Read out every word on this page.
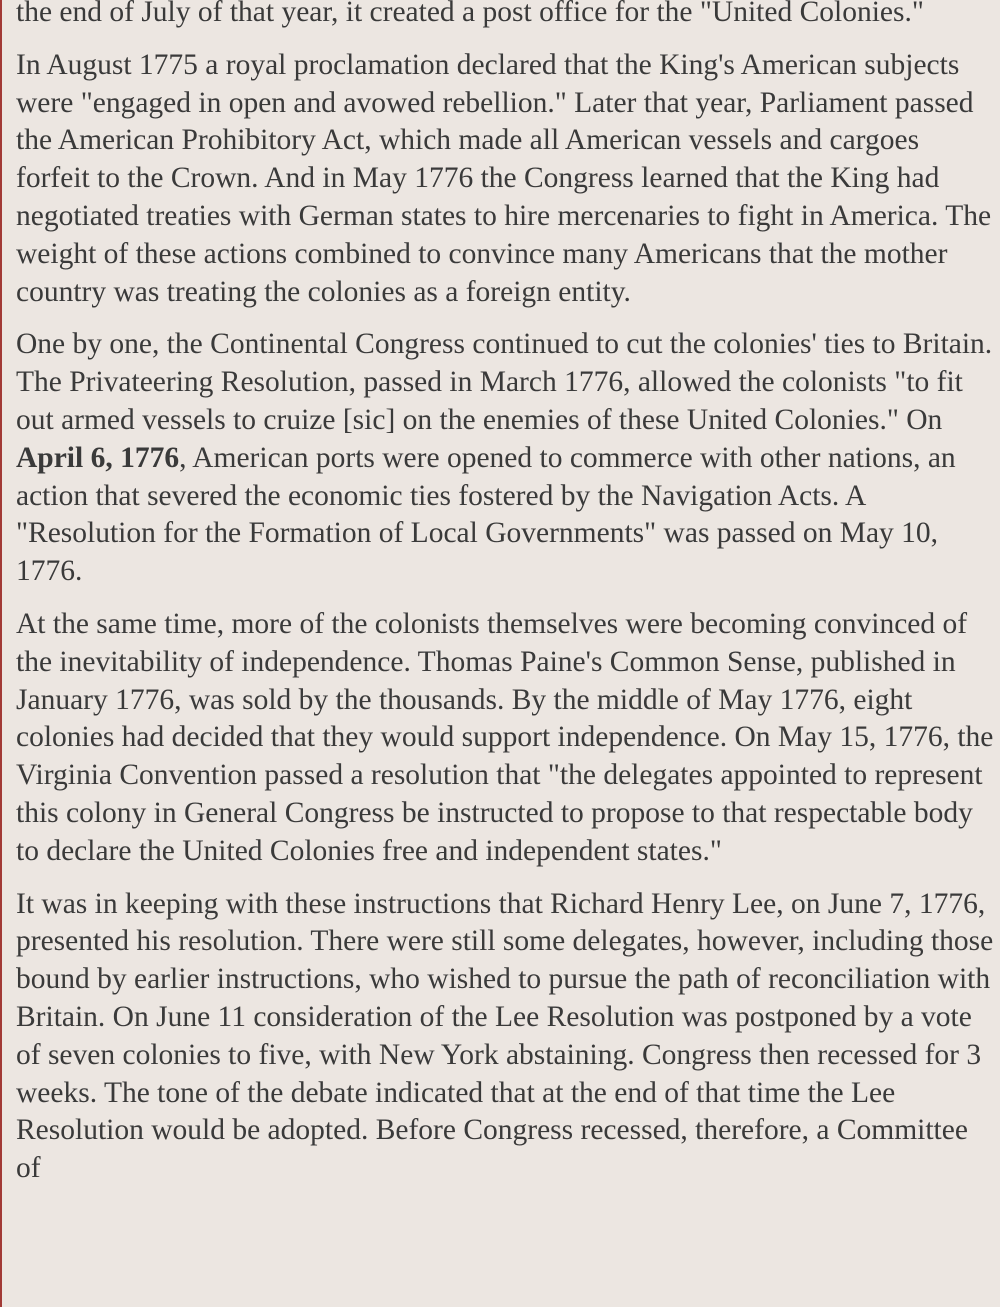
the end of July of that year, it created a post office for the "United Colonies."

In August 1775 a royal proclamation declared that the King's American subjects were "engaged in open and avowed rebellion." Later that year, Parliament passed the American Prohibitory Act, which made all American vessels and cargoes forfeit to the Crown. And in May 1776 the Congress learned that the King had negotiated treaties with German states to hire mercenaries to fight in America. The weight of these actions combined to convince many Americans that the mother country was treating the colonies as a foreign entity.

One by one, the Continental Congress continued to cut the colonies' ties to Britain. The Privateering Resolution, passed in March 1776, allowed the colonists "to fit out armed vessels to cruize [sic] on the enemies of these United Colonies." On April 6, 1776, American ports were opened to commerce with other nations, an action that severed the economic ties fostered by the Navigation Acts. A "Resolution for the Formation of Local Governments" was passed on May 10, 1776.

At the same time, more of the colonists themselves were becoming convinced of the inevitability of independence. Thomas Paine's Common Sense, published in January 1776, was sold by the thousands. By the middle of May 1776, eight colonies had decided that they would support independence. On May 15, 1776, the Virginia Convention passed a resolution that "the delegates appointed to represent this colony in General Congress be instructed to propose to that respectable body to declare the United Colonies free and independent states."

It was in keeping with these instructions that Richard Henry Lee, on June 7, 1776, presented his resolution. There were still some delegates, however, including those bound by earlier instructions, who wished to pursue the path of reconciliation with Britain. On June 11 consideration of the Lee Resolution was postponed by a vote of seven colonies to five, with New York abstaining. Congress then recessed for 3 weeks. The tone of the debate indicated that at the end of that time the Lee Resolution would be adopted. Before Congress recessed, therefore, a Committee of
